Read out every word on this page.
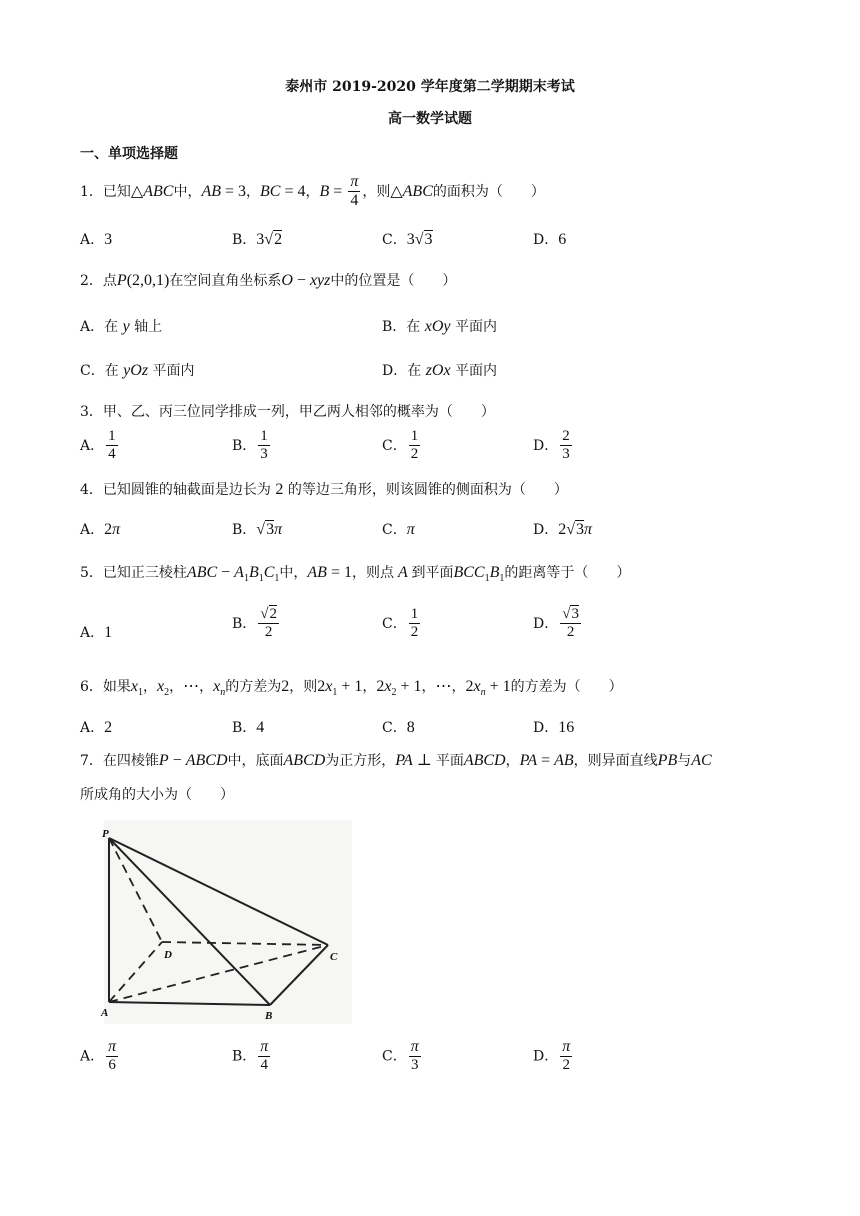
泰州市 2019-2020 学年度第二学期期末考试
高一数学试题
一、单项选择题
1．已知△ABC中，AB = 3，BC = 4，$B = \frac{\pi}{4}$ ，则△ABC的面积为（　　）
A．3	B．3√2	C．3√3	D．6
2．点P(2,0,1)在空间直角坐标系O − xyz中的位置是（　　）
A．在 y 轴上	B．在 xOy 平面内
C．在 yOz 平面内	D．在 zOx 平面内
3．甲、乙、丙三位同学排成一列，甲乙两人相邻的概率为（　　）
A． $\frac{1}{4}$	B． $\frac{1}{3}$	C． $\frac{1}{2}$	D． $\frac{2}{3}$
4．已知圆锥的轴截面是边长为 2 的等边三角形，则该圆锥的侧面积为（　　）
A．2π	B．√3π	C．π	D．2√3π
5．已知正三棱柱ABC − $A_1B_1C_1$中，AB = 1，则点 A 到平面$BCC_1B_1$的距离等于（　　）
A．1
B． $\frac{√2}{2}$	C． $\frac{1}{2}$	D． $\frac{√3}{2}$
6．如果$x_1$，$x_2$，⋯，$x_n$的方差为2，则$2x_1 + 1$，$2x_2 + 1$，⋯，$2x_n + 1$的方差为（　　）
A．2	B．4	C．8	D．16
7．在四棱锥P − ABCD中，底面ABCD为正方形，PA ⊥ 平面ABCD，PA = AB，则异面直线PB与AC
所成角的大小为（　　）
P
D	C
A	B
A． $\frac{\pi}{6}$	B． $\frac{\pi}{4}$	C． $\frac{\pi}{3}$	D． $\frac{\pi}{2}$
